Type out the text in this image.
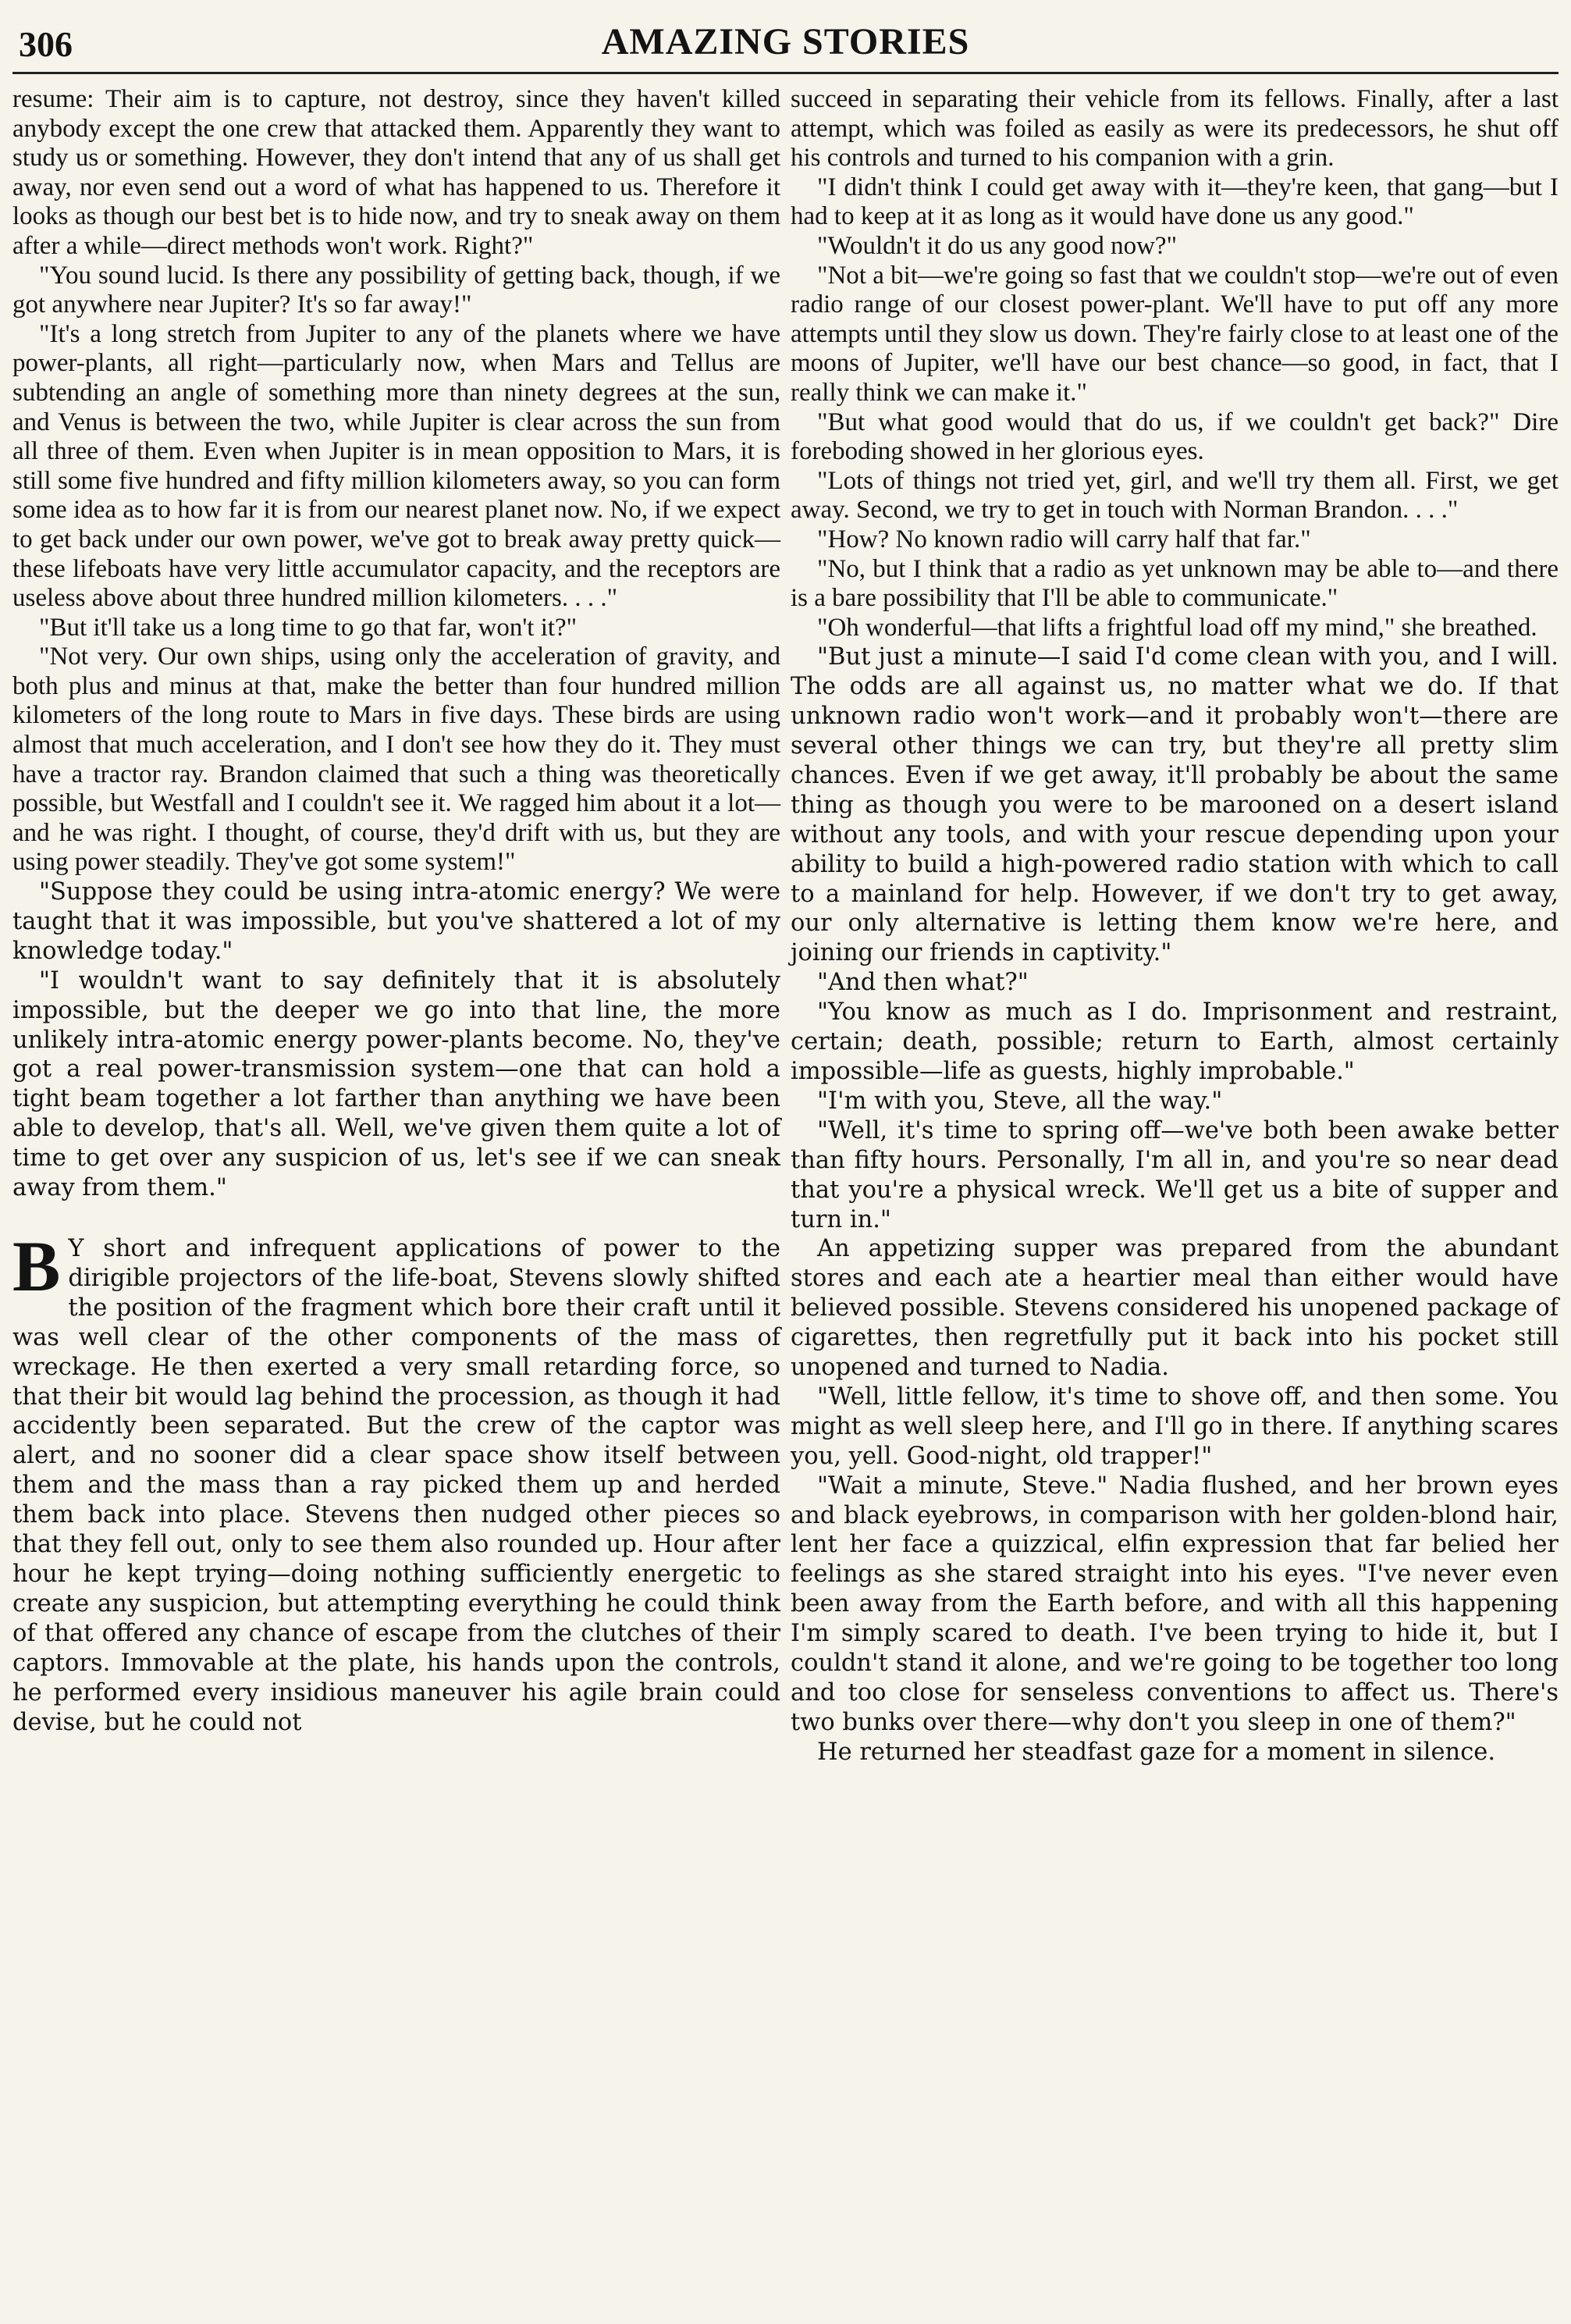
306	AMAZING STORIES

resume: Their aim is to capture, not destroy, since they haven't killed anybody except the one crew that attacked them. Apparently they want to study us or something. However, they don't intend that any of us shall get away, nor even send out a word of what has happened to us. Therefore it looks as though our best bet is to hide now, and try to sneak away on them after a while—direct methods won't work. Right?"

"You sound lucid. Is there any possibility of getting back, though, if we got anywhere near Jupiter? It's so far away!"

"It's a long stretch from Jupiter to any of the planets where we have power-plants, all right—particularly now, when Mars and Tellus are subtending an angle of something more than ninety degrees at the sun, and Venus is between the two, while Jupiter is clear across the sun from all three of them. Even when Jupiter is in mean opposition to Mars, it is still some five hundred and fifty million kilometers away, so you can form some idea as to how far it is from our nearest planet now. No, if we expect to get back under our own power, we've got to break away pretty quick—these lifeboats have very little accumulator capacity, and the receptors are useless above about three hundred million kilometers. . . ."

"But it'll take us a long time to go that far, won't it?"

"Not very. Our own ships, using only the acceleration of gravity, and both plus and minus at that, make the better than four hundred million kilometers of the long route to Mars in five days. These birds are using almost that much acceleration, and I don't see how they do it. They must have a tractor ray. Brandon claimed that such a thing was theoretically possible, but Westfall and I couldn't see it. We ragged him about it a lot—and he was right. I thought, of course, they'd drift with us, but they are using power steadily. They've got some system!"

"Suppose they could be using intra-atomic energy? We were taught that it was impossible, but you've shattered a lot of my knowledge today."

"I wouldn't want to say definitely that it is absolutely impossible, but the deeper we go into that line, the more unlikely intra-atomic energy power-plants become. No, they've got a real power-transmission system—one that can hold a tight beam together a lot farther than anything we have been able to develop, that's all. Well, we've given them quite a lot of time to get over any suspicion of us, let's see if we can sneak away from them."

B Y short and infrequent applications of power to the dirigible projectors of the life-boat, Stevens slowly shifted the position of the fragment which bore their craft until it was well clear of the other components of the mass of wreckage. He then exerted a very small retarding force, so that their bit would lag behind the procession, as though it had accidently been separated. But the crew of the captor was alert, and no sooner did a clear space show itself between them and the mass than a ray picked them up and herded them back into place. Stevens then nudged other pieces so that they fell out, only to see them also rounded up. Hour after hour he kept trying—doing nothing sufficiently energetic to create any suspicion, but attempting everything he could think of that offered any chance of escape from the clutches of their captors. Immovable at the plate, his hands upon the controls, he performed every insidious maneuver his agile brain could devise, but he could not

succeed in separating their vehicle from its fellows. Finally, after a last attempt, which was foiled as easily as were its predecessors, he shut off his controls and turned to his companion with a grin.

"I didn't think I could get away with it—they're keen, that gang—but I had to keep at it as long as it would have done us any good."

"Wouldn't it do us any good now?"

"Not a bit—we're going so fast that we couldn't stop—we're out of even radio range of our closest power-plant. We'll have to put off any more attempts until they slow us down. They're fairly close to at least one of the moons of Jupiter, we'll have our best chance—so good, in fact, that I really think we can make it."

"But what good would that do us, if we couldn't get back?" Dire foreboding showed in her glorious eyes.

"Lots of things not tried yet, girl, and we'll try them all. First, we get away. Second, we try to get in touch with Norman Brandon. . . ."

"How? No known radio will carry half that far."

"No, but I think that a radio as yet unknown may be able to—and there is a bare possibility that I'll be able to communicate."

"Oh wonderful—that lifts a frightful load off my mind," she breathed.

"But just a minute—I said I'd come clean with you, and I will. The odds are all against us, no matter what we do. If that unknown radio won't work—and it probably won't—there are several other things we can try, but they're all pretty slim chances. Even if we get away, it'll probably be about the same thing as though you were to be marooned on a desert island without any tools, and with your rescue depending upon your ability to build a high-powered radio station with which to call to a mainland for help. However, if we don't try to get away, our only alternative is letting them know we're here, and joining our friends in captivity."

"And then what?"

"You know as much as I do. Imprisonment and restraint, certain; death, possible; return to Earth, almost certainly impossible—life as guests, highly improbable."

"I'm with you, Steve, all the way."

"Well, it's time to spring off—we've both been awake better than fifty hours. Personally, I'm all in, and you're so near dead that you're a physical wreck. We'll get us a bite of supper and turn in."

An appetizing supper was prepared from the abundant stores and each ate a heartier meal than either would have believed possible. Stevens considered his unopened package of cigarettes, then regretfully put it back into his pocket still unopened and turned to Nadia.

"Well, little fellow, it's time to shove off, and then some. You might as well sleep here, and I'll go in there. If anything scares you, yell. Good-night, old trapper!"

"Wait a minute, Steve." Nadia flushed, and her brown eyes and black eyebrows, in comparison with her golden-blond hair, lent her face a quizzical, elfin expression that far belied her feelings as she stared straight into his eyes. "I've never even been away from the Earth before, and with all this happening I'm simply scared to death. I've been trying to hide it, but I couldn't stand it alone, and we're going to be together too long and too close for senseless conventions to affect us. There's two bunks over there—why don't you sleep in one of them?"

He returned her steadfast gaze for a moment in silence.
